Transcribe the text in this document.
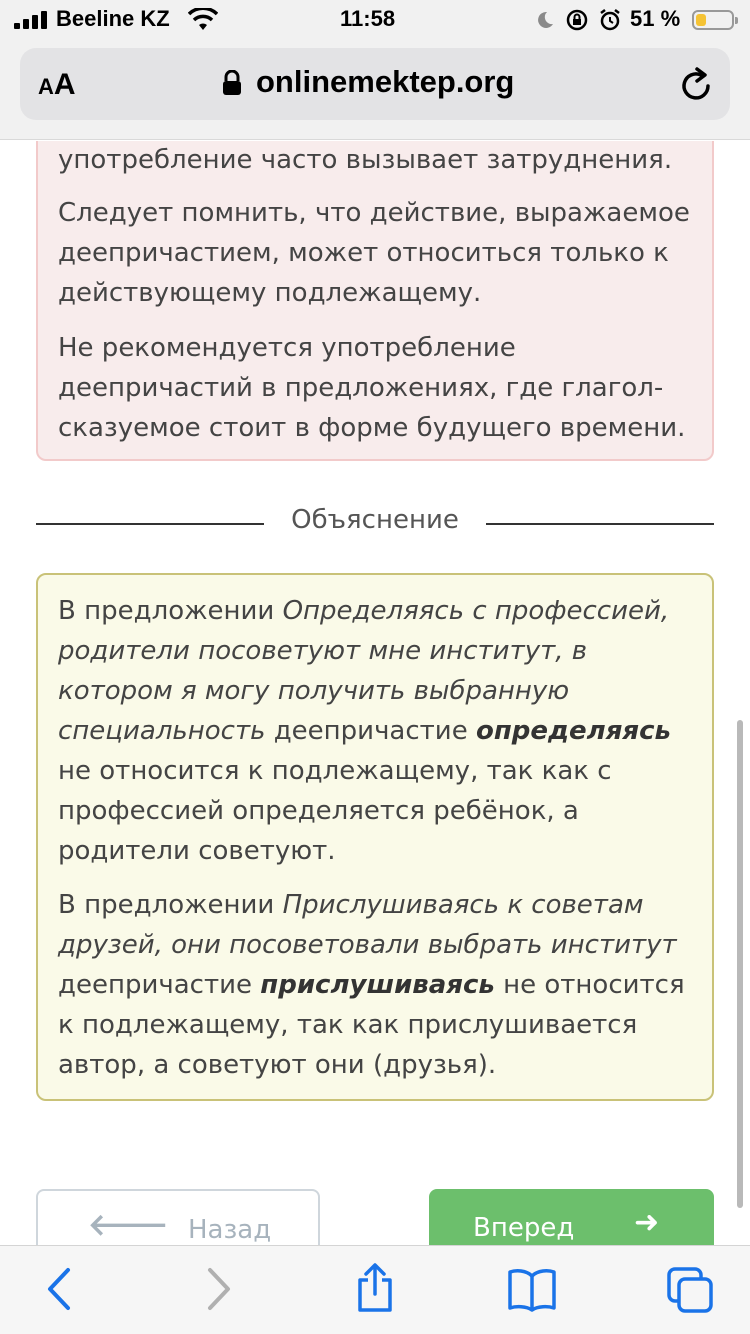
Beeline KZ	11:58	51 %
AA	onlinemektep.org

употребление часто вызывает затруднения.

Следует помнить, что действие, выражаемое деепричастием, может относиться только к действующему подлежащему.

Не рекомендуется употребление деепричастий в предложениях, где глагол-сказуемое стоит в форме будущего времени.

Объяснение

В предложении Определяясь с профессией, родители посоветуют мне институт, в котором я могу получить выбранную специальность деепричастие определяясь не относится к подлежащему, так как с профессией определяется ребёнок, а родители советуют.

В предложении Прислушиваясь к советам друзей, они посоветовали выбрать институт деепричастие прислушиваясь не относится к подлежащему, так как прислушивается автор, а советуют они (друзья).

🡐 Назад	Вперед ➜
